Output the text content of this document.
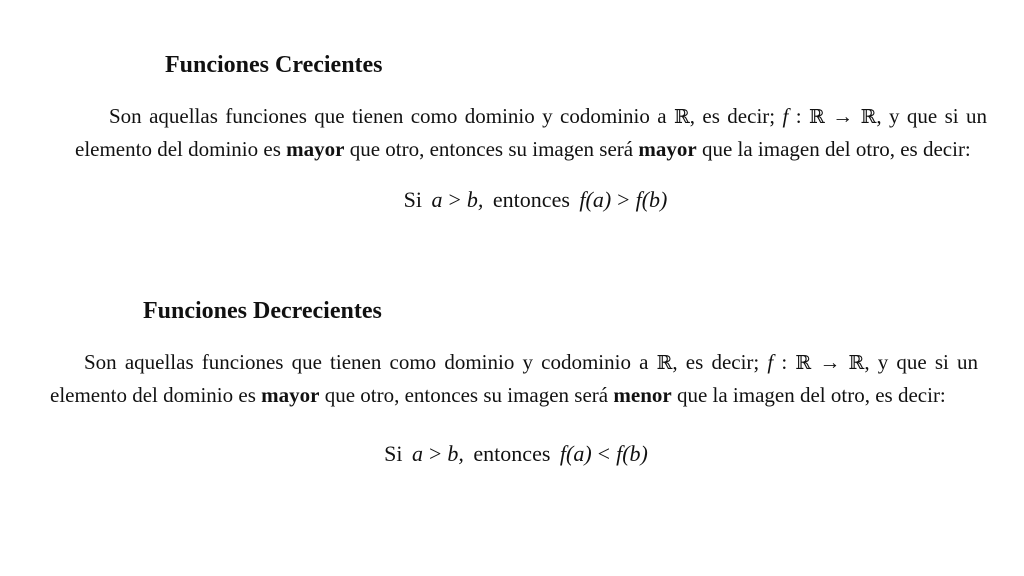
Funciones Crecientes

Son aquellas funciones que tienen como dominio y codominio a ℝ, es decir; f : ℝ → ℝ, y que si un elemento del dominio es mayor que otro, entonces su imagen será mayor que la imagen del otro, es decir:

Si a > b, entonces f(a) > f(b)
Funciones Decrecientes

Son aquellas funciones que tienen como dominio y codominio a ℝ, es decir; f : ℝ → ℝ, y que si un elemento del dominio es mayor que otro, entonces su imagen será menor que la imagen del otro, es decir:

Si a > b, entonces f(a) < f(b)
